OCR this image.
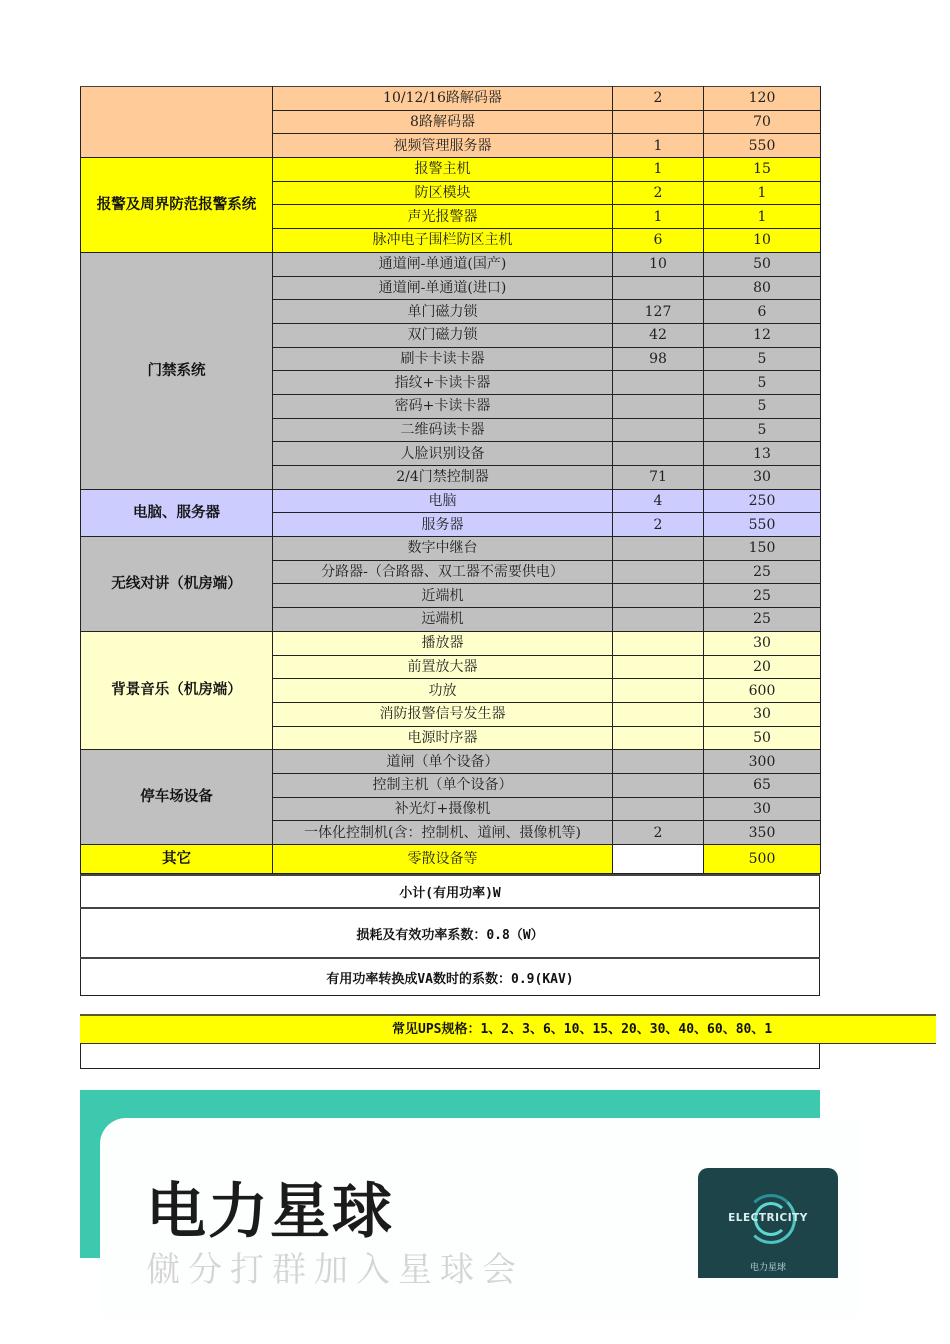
	10/12/16路解码器	2	120
	8路解码器		70
	视频管理服务器	1	550
报警及周界防范报警系统	报警主机	1	15
	防区模块	2	1
	声光报警器	1	1
	脉冲电子围栏防区主机	6	10
门禁系统	通道闸-单通道(国产)	10	50
	通道闸-单通道(进口)		80
	单门磁力锁	127	6
	双门磁力锁	42	12
	刷卡卡读卡器	98	5
	指纹+卡读卡器		5
	密码+卡读卡器		5
	二维码读卡器		5
	人脸识别设备		13
	2/4门禁控制器	71	30
电脑、服务器	电脑	4	250
	服务器	2	550
无线对讲（机房端）	数字中继台		150
	分路器-（合路器、双工器不需要供电）		25
	近端机		25
	远端机		25
背景音乐（机房端）	播放器		30
	前置放大器		20
	功放		600
	消防报警信号发生器		30
	电源时序器		50
停车场设备	道闸（单个设备）		300
	控制主机（单个设备）		65
	补光灯+摄像机		30
	一体化控制机(含：控制机、道闸、摄像机等)	2	350
其它	零散设备等		500
小计(有用功率)W
损耗及有效功率系数：0.8（W）
有用功率转换成VA数时的系数：0.9(KAV)

常见UPS规格：1、2、3、6、10、15、20、30、40、60、80、1
电力星球
僦分打群加入星球会
ELECTRICITY
电力星球
